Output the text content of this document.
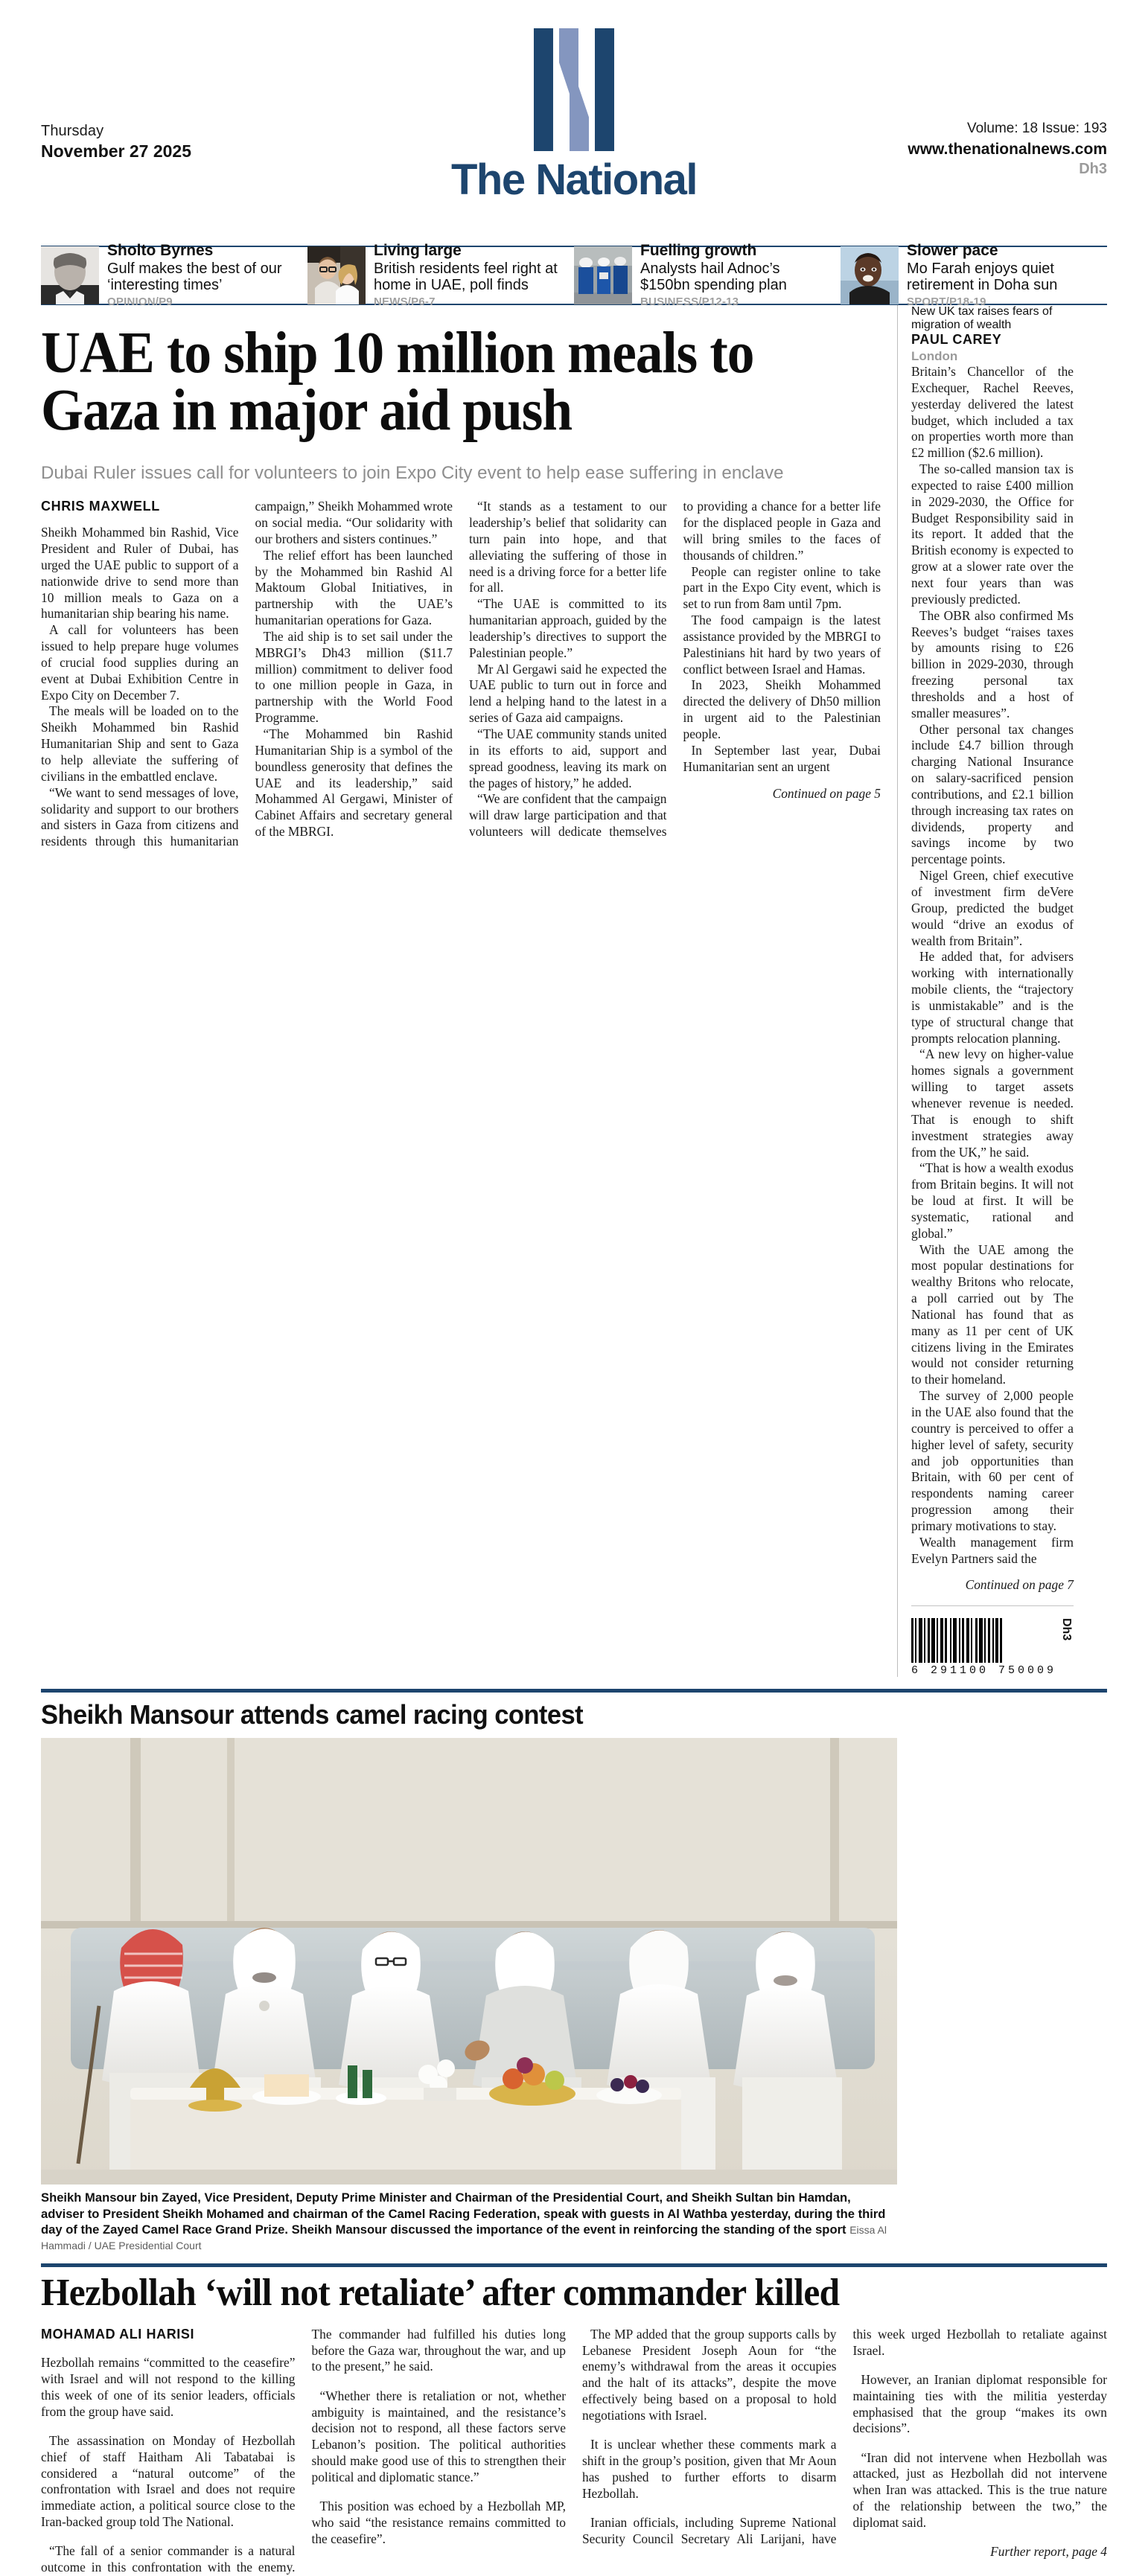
Thursday
November 27 2025
The National
Volume: 18 Issue: 193
www.thenationalnews.com
Dh3
Sholto Byrnes
Gulf makes the best of our ‘interesting times’
OPINION/P9
Living large
British residents feel right at home in UAE, poll finds
NEWS/P6-7
Fuelling growth
Analysts hail Adnoc’s $150bn spending plan
BUSINESS/P12-13
Slower pace
Mo Farah enjoys quiet retirement in Doha sun
SPORT/P18-19
UAE to ship 10 million meals to Gaza in major aid push
Dubai Ruler issues call for volunteers to join Expo City event to help ease suffering in enclave
CHRIS MAXWELL

Sheikh Mohammed bin Rashid, Vice President and Ruler of Dubai, has urged the UAE public to support of a nationwide drive to send more than 10 million meals to Gaza on a humanitarian ship bearing his name.

A call for volunteers has been issued to help prepare huge volumes of crucial food supplies during an event at Dubai Exhibition Centre in Expo City on December 7.

The meals will be loaded on to the Sheikh Mohammed bin Rashid Humanitarian Ship and sent to Gaza to help alleviate the suffering of civilians in the embattled enclave.

“We want to send messages of love, solidarity and support to our brothers and sisters in Gaza from citizens and residents through this humanitarian campaign,” Sheikh Mohammed wrote on social media. “Our solidarity with our brothers and sisters continues.”

The relief effort has been launched by the Mohammed bin Rashid Al Maktoum Global Initiatives, in partnership with the UAE’s humanitarian operations for Gaza.

The aid ship is to set sail under the MBRGI’s Dh43 million ($11.7 million) commitment to deliver food to one million people in Gaza, in partnership with the World Food Programme.

“The Mohammed bin Rashid Humanitarian Ship is a symbol of the boundless generosity that defines the UAE and its leadership,” said Mohammed Al Gergawi, Minister of Cabinet Affairs and secretary general of the MBRGI.

“It stands as a testament to our leadership’s belief that solidarity can turn pain into hope, and that alleviating the suffering of those in need is a driving force for a better life for all.

“The UAE is committed to its humanitarian approach, guided by the leadership’s directives to support the Palestinian people.”

Mr Al Gergawi said he expected the UAE public to turn out in force and lend a helping hand to the latest in a series of Gaza aid campaigns.

“The UAE community stands united in its efforts to aid, support and spread goodness, leaving its mark on the pages of history,” he added.

“We are confident that the campaign will draw large participation and that volunteers will dedicate themselves to providing a chance for a better life for the displaced people in Gaza and will bring smiles to the faces of thousands of children.”

People can register online to take part in the Expo City event, which is set to run from 8am until 7pm.

The food campaign is the latest assistance provided by the MBRGI to Palestinians hit hard by two years of conflict between Israel and Hamas.

In 2023, Sheikh Mohammed directed the delivery of Dh50 million in urgent aid to the Palestinian people.

In September last year, Dubai Humanitarian sent an urgent

Continued on page 5

New UK tax raises fears of migration of wealth
PAUL CAREY
London

Britain’s Chancellor of the Exchequer, Rachel Reeves, yesterday delivered the latest budget, which included a tax on properties worth more than £2 million ($2.6 million).

The so-called mansion tax is expected to raise £400 million in 2029-2030, the Office for Budget Responsibility said in its report. It added that the British economy is expected to grow at a slower rate over the next four years than was previously predicted.

The OBR also confirmed Ms Reeves’s budget “raises taxes by amounts rising to £26 billion in 2029-2030, through freezing personal tax thresholds and a host of smaller measures”.

Other personal tax changes include £4.7 billion through charging National Insurance on salary-sacrificed pension contributions, and £2.1 billion through increasing tax rates on dividends, property and savings income by two percentage points.

Nigel Green, chief executive of investment firm deVere Group, predicted the budget would “drive an exodus of wealth from Britain”.

He added that, for advisers working with internationally mobile clients, the “trajectory is unmistakable” and is the type of structural change that prompts relocation planning.

“A new levy on higher-value homes signals a government willing to target assets whenever revenue is needed. That is enough to shift investment strategies away from the UK,” he said.

“That is how a wealth exodus from Britain begins. It will not be loud at first. It will be systematic, rational and global.”

With the UAE among the most popular destinations for wealthy Britons who relocate, a poll carried out by The National has found that as many as 11 per cent of UK citizens living in the Emirates would not consider returning to their homeland.

The survey of 2,000 people in the UAE also found that the country is perceived to offer a higher level of safety, security and job opportunities than Britain, with 60 per cent of respondents naming career progression among their primary motivations to stay.

Wealth management firm Evelyn Partners said the

Continued on page 7

6 291100 750009
Dh3
Sheikh Mansour attends camel racing contest
Sheikh Mansour bin Zayed, Vice President, Deputy Prime Minister and Chairman of the Presidential Court, and Sheikh Sultan bin Hamdan, adviser to President Sheikh Mohamed and chairman of the Camel Racing Federation, speak with guests in Al Wathba yesterday, during the third day of the Zayed Camel Race Grand Prize. Sheikh Mansour discussed the importance of the event in reinforcing the standing of the sport Eissa Al Hammadi / UAE Presidential Court
Hezbollah ‘will not retaliate’ after commander killed
MOHAMAD ALI HARISI

Hezbollah remains “committed to the ceasefire” with Israel and will not respond to the killing this week of one of its senior leaders, officials from the group have said.

The assassination on Monday of Hezbollah chief of staff Haitham Ali Tabatabai is considered a “natural outcome” of the confrontation with Israel and does not require immediate action, a political source close to the Iran-backed group told The National.

“The fall of a senior commander is a natural outcome in this confrontation with the enemy. The commander had fulfilled his duties long before the Gaza war, throughout the war, and up to the present,” he said.

“Whether there is retaliation or not, whether ambiguity is maintained, and the resistance’s decision not to respond, all these factors serve Lebanon’s position. The political authorities should make good use of this to strengthen their political and diplomatic stance.”

This position was echoed by a Hezbollah MP, who said “the resistance remains committed to the ceasefire”.

The MP added that the group supports calls by Lebanese President Joseph Aoun for “the enemy’s withdrawal from the areas it occupies and the halt of its attacks”, despite the move effectively being based on a proposal to hold negotiations with Israel.

It is unclear whether these comments mark a shift in the group’s position, given that Mr Aoun has pushed to further efforts to disarm Hezbollah.

Iranian officials, including Supreme National Security Council Secretary Ali Larijani, have this week urged Hezbollah to retaliate against Israel.

However, an Iranian diplomat responsible for maintaining ties with the militia yesterday emphasised that the group “makes its own decisions”.

“Iran did not intervene when Hezbollah was attacked, just as Hezbollah did not intervene when Iran was attacked. This is the true nature of the relationship between the two,” the diplomat said.

Further report, page 4
